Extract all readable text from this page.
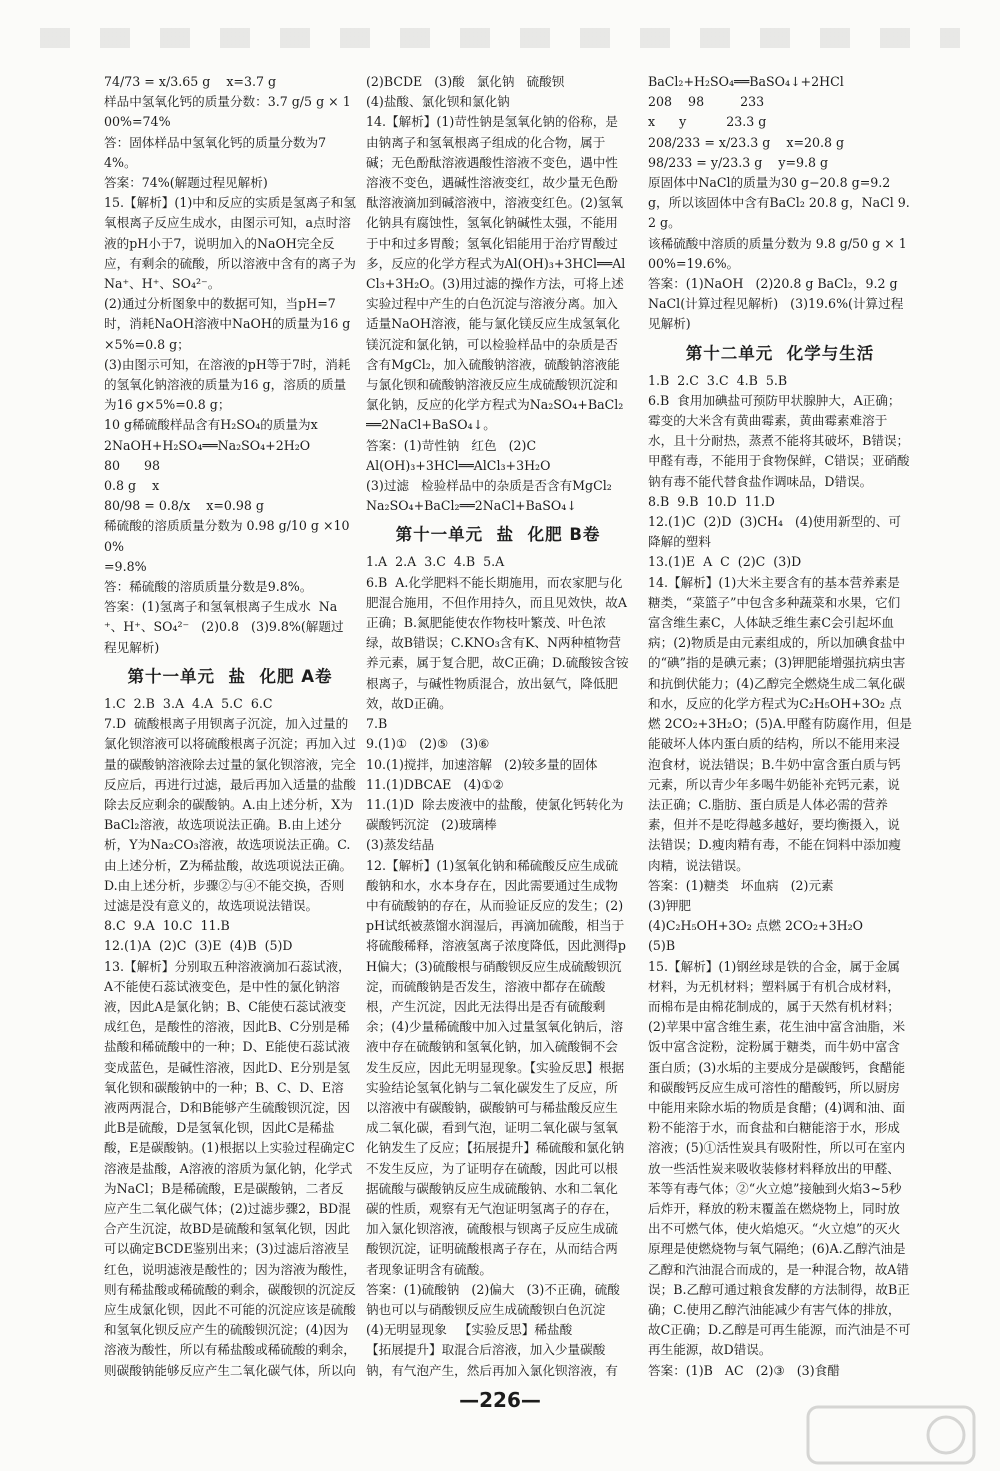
74/73 = x/3.65 g    x=3.7 g

样品中氢氧化钙的质量分数：3.7 g/5 g × 100%=74%

答：固体样品中氢氧化钙的质量分数为74%。

答案：74%(解题过程见解析)

15.【解析】(1)中和反应的实质是氢离子和氢氧根离子反应生成水，由图示可知，a点时溶液的pH小于7，说明加入的NaOH完全反应，有剩余的硫酸，所以溶液中含有的离子为Na⁺、H⁺、SO₄²⁻。

(2)通过分析图象中的数据可知，当pH=7时，消耗NaOH溶液中NaOH的质量为16 g×5%=0.8 g；

(3)由图示可知，在溶液的pH等于7时，消耗的氢氧化钠溶液的质量为16 g，溶质的质量为16 g×5%=0.8 g；

10 g稀硫酸样品含有H₂SO₄的质量为x

2NaOH+H₂SO₄══Na₂SO₄+2H₂O

80      98

0.8 g    x

80/98 = 0.8/x    x=0.98 g

稀硫酸的溶质质量分数为 0.98 g/10 g ×100%

=9.8%

答：稀硫酸的溶质质量分数是9.8%。

答案：(1)氢离子和氢氧根离子生成水  Na⁺、H⁺、SO₄²⁻   (2)0.8   (3)9.8%(解题过程见解析)

第十一单元  盐  化肥 A卷

1.C  2.B  3.A  4.A  5.C  6.C

7.D  硫酸根离子用钡离子沉淀，加入过量的氯化钡溶液可以将硫酸根离子沉淀；再加入过量的碳酸钠溶液除去过量的氯化钡溶液，完全反应后，再进行过滤，最后再加入适量的盐酸除去反应剩余的碳酸钠。A.由上述分析，X为BaCl₂溶液，故选项说法正确。B.由上述分析，Y为Na₂CO₃溶液，故选项说法正确。C.由上述分析，Z为稀盐酸，故选项说法正确。D.由上述分析，步骤②与④不能交换，否则过滤是没有意义的，故选项说法错误。

8.C  9.A  10.C  11.B

12.(1)A  (2)C  (3)E  (4)B  (5)D

13.【解析】分别取五种溶液滴加石蕊试液，A不能使石蕊试液变色，是中性的氯化钠溶液，因此A是氯化钠；B、C能使石蕊试液变成红色，是酸性的溶液，因此B、C分别是稀盐酸和稀硫酸中的一种；D、E能使石蕊试液变成蓝色，是碱性溶液，因此D、E分别是氢氧化钡和碳酸钠中的一种；B、C、D、E溶液两两混合，D和B能够产生硫酸钡沉淀，因此B是硫酸，D是氢氧化钡，因此C是稀盐酸，E是碳酸钠。(1)根据以上实验过程确定C溶液是盐酸，A溶液的溶质为氯化钠，化学式为NaCl；B是稀硫酸，E是碳酸钠，二者反应产生二氧化碳气体；(2)过滤步骤2，BD混合产生沉淀，故BD是硫酸和氢氧化钡，因此可以确定BCDE鉴别出来；(3)过滤后溶液呈红色，说明滤液是酸性的；因为溶液为酸性，则有稀盐酸或稀硫酸的剩余，碳酸钡的沉淀反应生成氯化钡，因此不可能的沉淀应该是硫酸和氢氧化钡反应产生的硫酸钡沉淀；(4)因为溶液为酸性，所以有稀盐酸或稀硫酸的剩余，则碳酸钠能够反应产生二氧化碳气体，所以向

(2)BCDE   (3)酸   氯化钠   硫酸钡

(4)盐酸、氯化钡和氯化钠

14.【解析】(1)苛性钠是氢氧化钠的俗称，是由钠离子和氢氧根离子组成的化合物，属于碱；无色酚酞溶液遇酸性溶液不变色，遇中性溶液不变色，遇碱性溶液变红，故少量无色酚酞溶液滴加到碱溶液中，溶液变红色。(2)氢氧化钠具有腐蚀性，氢氧化钠碱性太强，不能用于中和过多胃酸；氢氧化铝能用于治疗胃酸过多，反应的化学方程式为Al(OH)₃+3HCl══AlCl₃+3H₂O。(3)用过滤的操作方法，可将上述实验过程中产生的白色沉淀与溶液分离。加入适量NaOH溶液，能与氯化镁反应生成氢氧化镁沉淀和氯化钠，可以检验样品中的杂质是否含有MgCl₂，加入硫酸钠溶液，硫酸钠溶液能与氯化钡和硫酸钠溶液反应生成硫酸钡沉淀和氯化钠，反应的化学方程式为Na₂SO₄+BaCl₂══2NaCl+BaSO₄↓。

答案：(1)苛性钠   红色   (2)C

Al(OH)₃+3HCl══AlCl₃+3H₂O

(3)过滤   检验样品中的杂质是否含有MgCl₂

Na₂SO₄+BaCl₂══2NaCl+BaSO₄↓

第十一单元  盐  化肥 B卷

1.A  2.A  3.C  4.B  5.A

6.B  A.化学肥料不能长期施用，而农家肥与化肥混合施用，不但作用持久，而且见效快，故A正确；B.氮肥能使农作物枝叶繁茂、叶色浓绿，故B错误；C.KNO₃含有K、N两种植物营养元素，属于复合肥，故C正确；D.硫酸铵含铵根离子，与碱性物质混合，放出氨气，降低肥效，故D正确。

7.B

9.(1)①   (2)⑤   (3)⑥

10.(1)搅拌，加速溶解   (2)较多量的固体

11.(1)DBCAE   (4)①②

11.(1)D  除去废液中的盐酸，使氯化钙转化为碳酸钙沉淀   (2)玻璃棒

(3)蒸发结晶

12.【解析】(1)氢氧化钠和稀硫酸反应生成硫酸钠和水，水本身存在，因此需要通过生成物中有硫酸钠的存在，从而验证反应的发生；(2)pH试纸被蒸馏水润湿后，再滴加硫酸，相当于将硫酸稀释，溶液氢离子浓度降低，因此测得pH偏大；(3)硫酸根与硝酸钡反应生成硫酸钡沉淀，而硫酸钠是否发生，溶液中都存在硫酸根，产生沉淀，因此无法得出是否有硫酸剩余；(4)少量稀硫酸中加入过量氢氧化钠后，溶液中存在硫酸钠和氢氧化钠，加入硫酸铜不会发生反应，因此无明显现象。【实验反思】根据实验结论氢氧化钠与二氧化碳发生了反应，所以溶液中有碳酸钠，碳酸钠可与稀盐酸反应生成二氧化碳，看到气泡，证明二氧化碳与氢氧化钠发生了反应；【拓展提升】稀硫酸和氯化钠不发生反应，为了证明存在硫酸，因此可以根据硫酸与碳酸钠反应生成硫酸钠、水和二氧化碳的性质，观察有无气泡证明氢离子的存在，加入氯化钡溶液，硫酸根与钡离子反应生成硫酸钡沉淀，证明硫酸根离子存在，从而结合两者现象证明含有硫酸。

答案：(1)硫酸钠   (2)偏大   (3)不正确，硫酸钠也可以与硝酸钡反应生成硫酸钡白色沉淀

(4)无明显现象   【实验反思】稀盐酸

【拓展提升】取混合后溶液，加入少量碳酸钠，有气泡产生，然后再加入氯化钡溶液，有

BaCl₂+H₂SO₄══BaSO₄↓+2HCl

208    98         233

x      y          23.3 g

208/233 = x/23.3 g    x=20.8 g

98/233 = y/23.3 g    y=9.8 g

原固体中NaCl的质量为30 g−20.8 g=9.2 g，所以该固体中含有BaCl₂ 20.8 g，NaCl 9.2 g。

该稀硫酸中溶质的质量分数为 9.8 g/50 g × 100%=19.6%。

答案：(1)NaOH   (2)20.8 g BaCl₂，9.2 g NaCl(计算过程见解析)   (3)19.6%(计算过程见解析)

第十二单元  化学与生活

1.B  2.C  3.C  4.B  5.B

6.B  食用加碘盐可预防甲状腺肿大，A正确；霉变的大米含有黄曲霉素，黄曲霉素难溶于水，且十分耐热，蒸煮不能将其破坏，B错误；甲醛有毒，不能用于食物保鲜，C错误；亚硝酸钠有毒不能代替食盐作调味品，D错误。

8.B  9.B  10.D  11.D

12.(1)C  (2)D  (3)CH₄   (4)使用新型的、可降解的塑料

13.(1)E  A  C  (2)C  (3)D

14.【解析】(1)大米主要含有的基本营养素是糖类，“菜篮子”中包含多种蔬菜和水果，它们富含维生素C，人体缺乏维生素C会引起坏血病；(2)物质是由元素组成的，所以加碘食盐中的“碘”指的是碘元素；(3)钾肥能增强抗病虫害和抗倒伏能力；(4)乙醇完全燃烧生成二氧化碳和水，反应的化学方程式为C₂H₅OH+3O₂ 点燃 2CO₂+3H₂O；(5)A.甲醛有防腐作用，但是能破坏人体内蛋白质的结构，所以不能用来浸泡食材，说法错误；B.牛奶中富含蛋白质与钙元素，所以青少年多喝牛奶能补充钙元素，说法正确；C.脂肪、蛋白质是人体必需的营养素，但并不是吃得越多越好，要均衡摄入，说法错误；D.瘦肉精有毒，不能在饲料中添加瘦肉精，说法错误。

答案：(1)糖类   坏血病   (2)元素

(3)钾肥

(4)C₂H₅OH+3O₂ 点燃 2CO₂+3H₂O

(5)B

15.【解析】(1)钢丝球是铁的合金，属于金属材料，为无机材料；塑料属于有机合成材料，而棉布是由棉花制成的，属于天然有机材料；(2)苹果中富含维生素，花生油中富含油脂，米饭中富含淀粉，淀粉属于糖类，而牛奶中富含蛋白质；(3)水垢的主要成分是碳酸钙，食醋能和碳酸钙反应生成可溶性的醋酸钙，所以厨房中能用来除水垢的物质是食醋；(4)调和油、面粉不能溶于水，而食盐和白糖能溶于水，形成溶液；(5)①活性炭具有吸附性，所以可在室内放一些活性炭来吸收装修材料释放出的甲醛、苯等有毒气体；②“火立熄”接触到火焰3~5秒后炸开，释放的粉末覆盖在燃烧物上，同时放出不可燃气体，使火焰熄灭。“火立熄”的灭火原理是使燃烧物与氧气隔绝；(6)A.乙醇汽油是乙醇和汽油混合而成的，是一种混合物，故A错误；B.乙醇可通过粮食发酵的方法制得，故B正确；C.使用乙醇汽油能减少有害气体的排放，故C正确；D.乙醇是可再生能源，而汽油是不可再生能源，故D错误。

答案：(1)B   AC   (2)③   (3)食醋

—226—
